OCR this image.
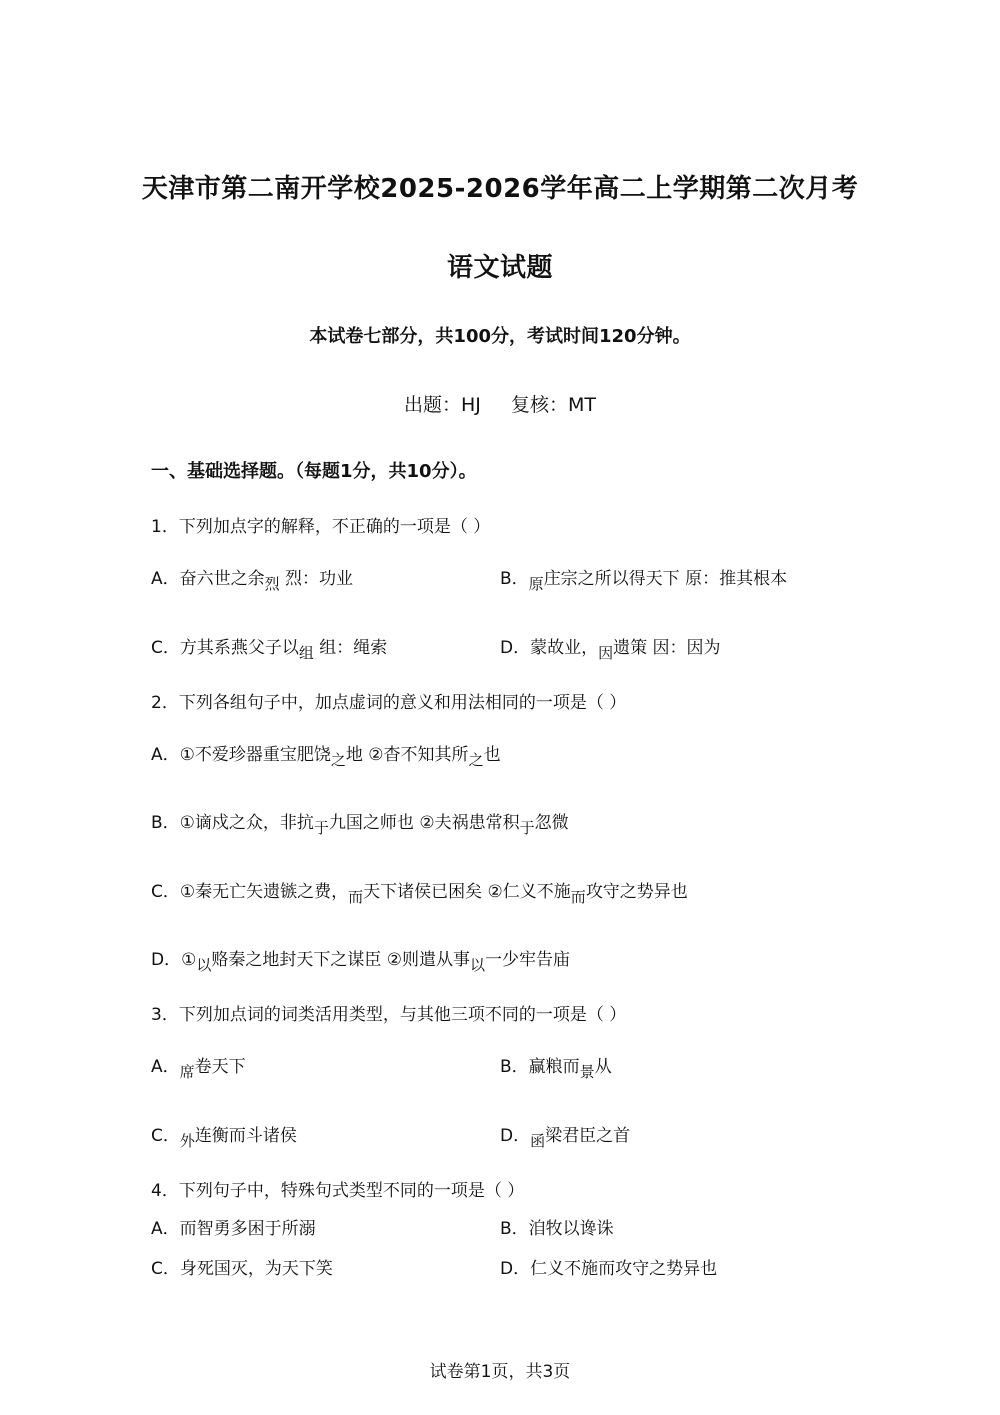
天津市第二南开学校2025-2026学年高二上学期第二次月考
语文试题
本试卷七部分，共100分，考试时间120分钟。
出题：HJ 复核：MT
一、基础选择题。（每题1分，共10分）。
1．下列加点字的解释，不正确的一项是（ ）
A．奋六世之余烈 烈：功业	B．原庄宗之所以得天下 原：推其根本
C．方其系燕父子以组 组：绳索	D．蒙故业，因遗策 因：因为
2．下列各组句子中，加点虚词的意义和用法相同的一项是（ ）
A．①不爱珍器重宝肥饶之地 ②杳不知其所之也
B．①谪戍之众，非抗于九国之师也 ②夫祸患常积于忽微
C．①秦无亡矢遗镞之费，而天下诸侯已困矣 ②仁义不施而攻守之势异也
D．①以赂秦之地封天下之谋臣 ②则遣从事以一少牢告庙
3．下列加点词的词类活用类型，与其他三项不同的一项是（ ）
A．席卷天下	B．赢粮而景从
C．外连衡而斗诸侯	D．函梁君臣之首
4．下列句子中，特殊句式类型不同的一项是（ ）
A．而智勇多困于所溺	B．洎牧以谗诛
C．身死国灭，为天下笑	D．仁义不施而攻守之势异也
试卷第1页，共3页
